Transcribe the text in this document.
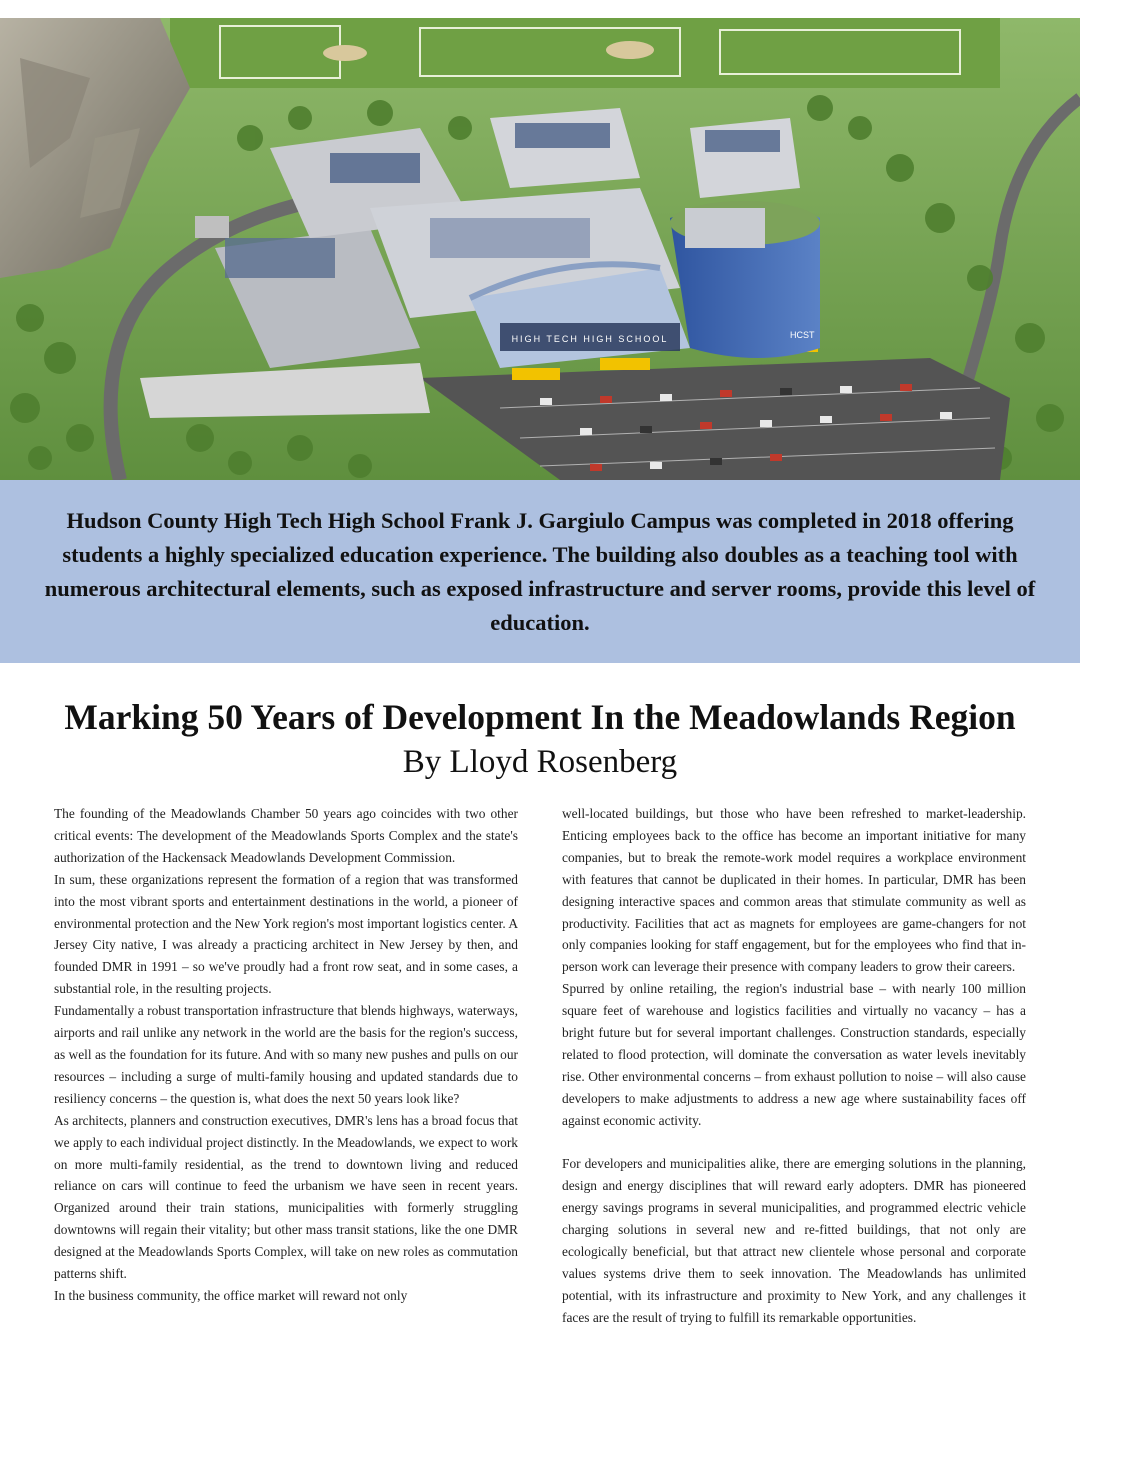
HIGH TECH HIGH SCHOOL	HCST

Hudson County High Tech High School Frank J. Gargiulo Campus was completed in 2018 offering students a highly specialized education experience. The building also doubles as a teaching tool with numerous architectural elements, such as exposed infrastructure and server rooms, provide this level of education.

Marking 50 Years of Development In the Meadowlands Region
By Lloyd Rosenberg

The founding of the Meadowlands Chamber 50 years ago coincides with two other critical events: The development of the Meadowlands Sports Complex and the state's authorization of the Hackensack Meadowlands Development Commission.

In sum, these organizations represent the formation of a region that was transformed into the most vibrant sports and entertainment destinations in the world, a pioneer of environmental protection and the New York region's most important logistics center. A Jersey City native, I was already a practicing architect in New Jersey by then, and founded DMR in 1991 – so we've proudly had a front row seat, and in some cases, a substantial role, in the resulting projects.

Fundamentally a robust transportation infrastructure that blends highways, waterways, airports and rail unlike any network in the world are the basis for the region's success, as well as the foundation for its future. And with so many new pushes and pulls on our resources – including a surge of multi-family housing and updated standards due to resiliency concerns – the question is, what does the next 50 years look like?

As architects, planners and construction executives, DMR's lens has a broad focus that we apply to each individual project distinctly. In the Meadowlands, we expect to work on more multi-family residential, as the trend to downtown living and reduced reliance on cars will continue to feed the urbanism we have seen in recent years. Organized around their train stations, municipalities with formerly struggling downtowns will regain their vitality; but other mass transit stations, like the one DMR designed at the Meadowlands Sports Complex, will take on new roles as commutation patterns shift.

In the business community, the office market will reward not only

well-located buildings, but those who have been refreshed to market-leadership. Enticing employees back to the office has become an important initiative for many companies, but to break the remote-work model requires a workplace environment with features that cannot be duplicated in their homes. In particular, DMR has been designing interactive spaces and common areas that stimulate community as well as productivity. Facilities that act as magnets for employees are game-changers for not only companies looking for staff engagement, but for the employees who find that in-person work can leverage their presence with company leaders to grow their careers.

Spurred by online retailing, the region's industrial base – with nearly 100 million square feet of warehouse and logistics facilities and virtually no vacancy – has a bright future but for several important challenges. Construction standards, especially related to flood protection, will dominate the conversation as water levels inevitably rise. Other environmental concerns – from exhaust pollution to noise – will also cause developers to make adjustments to address a new age where sustainability faces off against economic activity.

For developers and municipalities alike, there are emerging solutions in the planning, design and energy disciplines that will reward early adopters. DMR has pioneered energy savings programs in several municipalities, and programmed electric vehicle charging solutions in several new and re-fitted buildings, that not only are ecologically beneficial, but that attract new clientele whose personal and corporate values systems drive them to seek innovation. The Meadowlands has unlimited potential, with its infrastructure and proximity to New York, and any challenges it faces are the result of trying to fulfill its remarkable opportunities.
